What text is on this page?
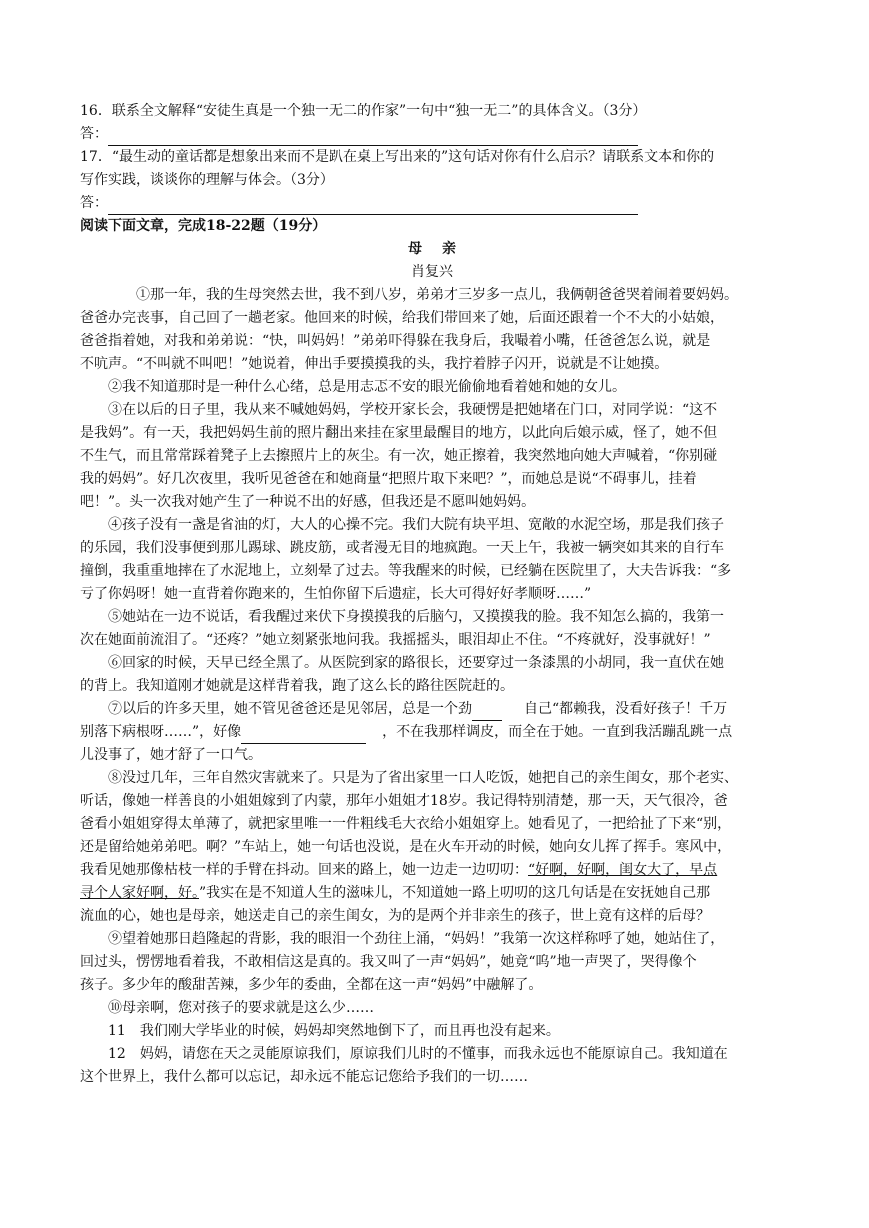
16．联系全文解释“安徒生真是一个独一无二的作家”一句中“独一无二”的具体含义。（3分）
答：
17．“最生动的童话都是想象出来而不是趴在桌上写出来的”这句话对你有什么启示？请联系文本和你的
写作实践，谈谈你的理解与体会。（3分）
答：
阅读下面文章，完成18-22题（19分）
母亲
肖复兴
①那一年，我的生母突然去世，我不到八岁，弟弟才三岁多一点儿，我俩朝爸爸哭着闹着要妈妈。
爸爸办完丧事，自己回了一趟老家。他回来的时候，给我们带回来了她，后面还跟着一个不大的小姑娘，
爸爸指着她，对我和弟弟说：“快，叫妈妈！”弟弟吓得躲在我身后，我嘬着小嘴，任爸爸怎么说，就是
不吭声。“不叫就不叫吧！”她说着，伸出手要摸摸我的头，我拧着脖子闪开，说就是不让她摸。
②我不知道那时是一种什么心绪，总是用志忑不安的眼光偷偷地看着她和她的女儿。
③在以后的日子里，我从来不喊她妈妈，学校开家长会，我硬愣是把她堵在门口，对同学说：“这不
是我妈”。有一天，我把妈妈生前的照片翻出来挂在家里最醒目的地方，以此向后娘示威，怪了，她不但
不生气，而且常常踩着凳子上去擦照片上的灰尘。有一次，她正擦着，我突然地向她大声喊着，“你别碰
我的妈妈”。好几次夜里，我听见爸爸在和她商量“把照片取下来吧？”，而她总是说“不碍事儿，挂着
吧！”。头一次我对她产生了一种说不出的好感，但我还是不愿叫她妈妈。
④孩子没有一盏是省油的灯，大人的心操不完。我们大院有块平坦、宽敞的水泥空场，那是我们孩子
的乐园，我们没事便到那儿踢球、跳皮筋，或者漫无目的地疯跑。一天上午，我被一辆突如其来的自行车
撞倒，我重重地摔在了水泥地上，立刻晕了过去。等我醒来的时候，已经躺在医院里了，大夫告诉我：“多
亏了你妈呀！她一直背着你跑来的，生怕你留下后遗症，长大可得好好孝顺呀……”
⑤她站在一边不说话，看我醒过来伏下身摸摸我的后脑勺，又摸摸我的脸。我不知怎么搞的，我第一
次在她面前流泪了。“还疼？”她立刻紧张地问我。我摇摇头，眼泪却止不住。“不疼就好，没事就好！”
⑥回家的时候，天早已经全黑了。从医院到家的路很长，还要穿过一条漆黑的小胡同，我一直伏在她
的背上。我知道刚才她就是这样背着我，跑了这么长的路往医院赶的。
⑦以后的许多天里，她不管见爸爸还是见邻居，总是一个劲	自己“都赖我，没看好孩子！千万
别落下病根呀……”，好像	，不在我那样调皮，而全在于她。一直到我活蹦乱跳一点
儿没事了，她才舒了一口气。
⑧没过几年，三年自然灾害就来了。只是为了省出家里一口人吃饭，她把自己的亲生闺女，那个老实、
听话，像她一样善良的小姐姐嫁到了内蒙，那年小姐姐才18岁。我记得特别清楚，那一天，天气很冷，爸
爸看小姐姐穿得太单薄了，就把家里唯一一件粗线毛大衣给小姐姐穿上。她看见了，一把给扯了下来“别，
还是留给她弟弟吧。啊？”车站上，她一句话也没说，是在火车开动的时候，她向女儿挥了挥手。寒风中，
我看见她那像枯枝一样的手臂在抖动。回来的路上，她一边走一边叨叨：“好啊，好啊，闺女大了，早点
寻个人家好啊，好。”我实在是不知道人生的滋味儿，不知道她一路上叨叨的这几句话是在安抚她自己那
流血的心，她也是母亲，她送走自己的亲生闺女，为的是两个并非亲生的孩子，世上竟有这样的后母？
⑨望着她那日趋隆起的背影，我的眼泪一个劲往上涌，“妈妈！”我第一次这样称呼了她，她站住了，
回过头，愣愣地看着我，不敢相信这是真的。我又叫了一声“妈妈”，她竟“呜”地一声哭了，哭得像个
孩子。多少年的酸甜苦辣，多少年的委曲，全都在这一声“妈妈”中融解了。
⑩母亲啊，您对孩子的要求就是这么少……
11　我们刚大学毕业的时候，妈妈却突然地倒下了，而且再也没有起来。
12　妈妈，请您在天之灵能原谅我们，原谅我们儿时的不懂事，而我永远也不能原谅自己。我知道在
这个世界上，我什么都可以忘记，却永远不能忘记您给予我们的一切……
